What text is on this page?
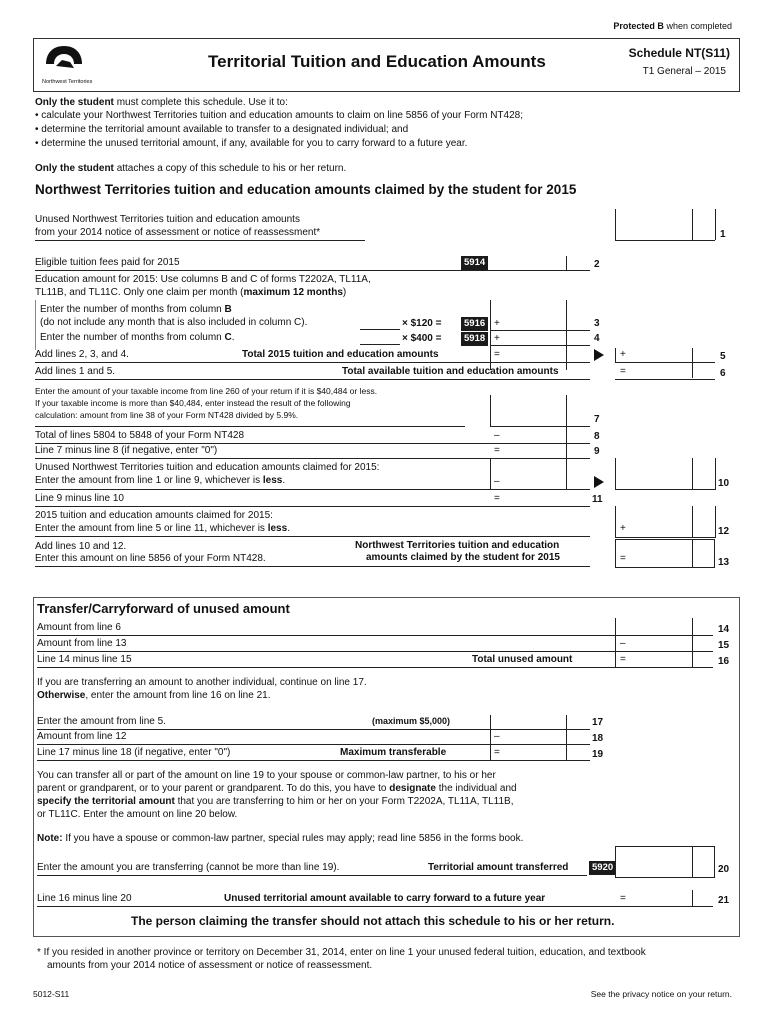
Protected B when completed
Northwest Territories
Territorial Tuition and Education Amounts	Schedule NT(S11)
T1 General – 2015
Only the student must complete this schedule. Use it to:
• calculate your Northwest Territories tuition and education amounts to claim on line 5856 of your Form NT428;
• determine the territorial amount available to transfer to a designated individual; and
• determine the unused territorial amount, if any, available for you to carry forward to a future year.
Only the student attaches a copy of this schedule to his or her return.
Northwest Territories tuition and education amounts claimed by the student for 2015
Unused Northwest Territories tuition and education amounts
from your 2014 notice of assessment or notice of reassessment*	1
Eligible tuition fees paid for 2015	5914	2
Education amount for 2015: Use columns B and C of forms T2202A, TL11A,
TL11B, and TL11C. Only one claim per month (maximum 12 months)
Enter the number of months from column B
(do not include any month that is also included in column C).	× $120 =	5916 +	3
Enter the number of months from column C.	× $400 =	5918 +	4
Add lines 2, 3, and 4.	Total 2015 tuition and education amounts	=	+	5
Add lines 1 and 5.	Total available tuition and education amounts	=	6
Enter the amount of your taxable income from line 260 of your return if it is $40,484 or less.
If your taxable income is more than $40,484, enter instead the result of the following
calculation: amount from line 38 of your Form NT428 divided by 5.9%.	7
Total of lines 5804 to 5848 of your Form NT428	–	8
Line 7 minus line 8 (if negative, enter "0")	=	9
Unused Northwest Territories tuition and education amounts claimed for 2015:
Enter the amount from line 1 or line 9, whichever is less.	–	10
Line 9 minus line 10	=	11
2015 tuition and education amounts claimed for 2015:
Enter the amount from line 5 or line 11, whichever is less.	+	12
Add lines 10 and 12.
Enter this amount on line 5856 of your Form NT428.
Northwest Territories tuition and education
amounts claimed by the student for 2015	=	13
Transfer/Carryforward of unused amount
Amount from line 6	14
Amount from line 13	–	15
Line 14 minus line 15	Total unused amount	=	16
If you are transferring an amount to another individual, continue on line 17.
Otherwise, enter the amount from line 16 on line 21.
Enter the amount from line 5.	(maximum $5,000)	17
Amount from line 12	–	18
Line 17 minus line 18 (if negative, enter "0")	Maximum transferable	=	19
You can transfer all or part of the amount on line 19 to your spouse or common-law partner, to his or her
parent or grandparent, or to your parent or grandparent. To do this, you have to designate the individual and
specify the territorial amount that you are transferring to him or her on your Form T2202A, TL11A, TL11B,
or TL11C. Enter the amount on line 20 below.
Note: If you have a spouse or common-law partner, special rules may apply; read line 5856 in the forms book.
Enter the amount you are transferring (cannot be more than line 19).	Territorial amount transferred	5920	20
Line 16 minus line 20	Unused territorial amount available to carry forward to a future year	=	21
The person claiming the transfer should not attach this schedule to his or her return.
* If you resided in another province or territory on December 31, 2014, enter on line 1 your unused federal tuition, education, and textbook
amounts from your 2014 notice of assessment or notice of reassessment.
5012-S11	See the privacy notice on your return.
